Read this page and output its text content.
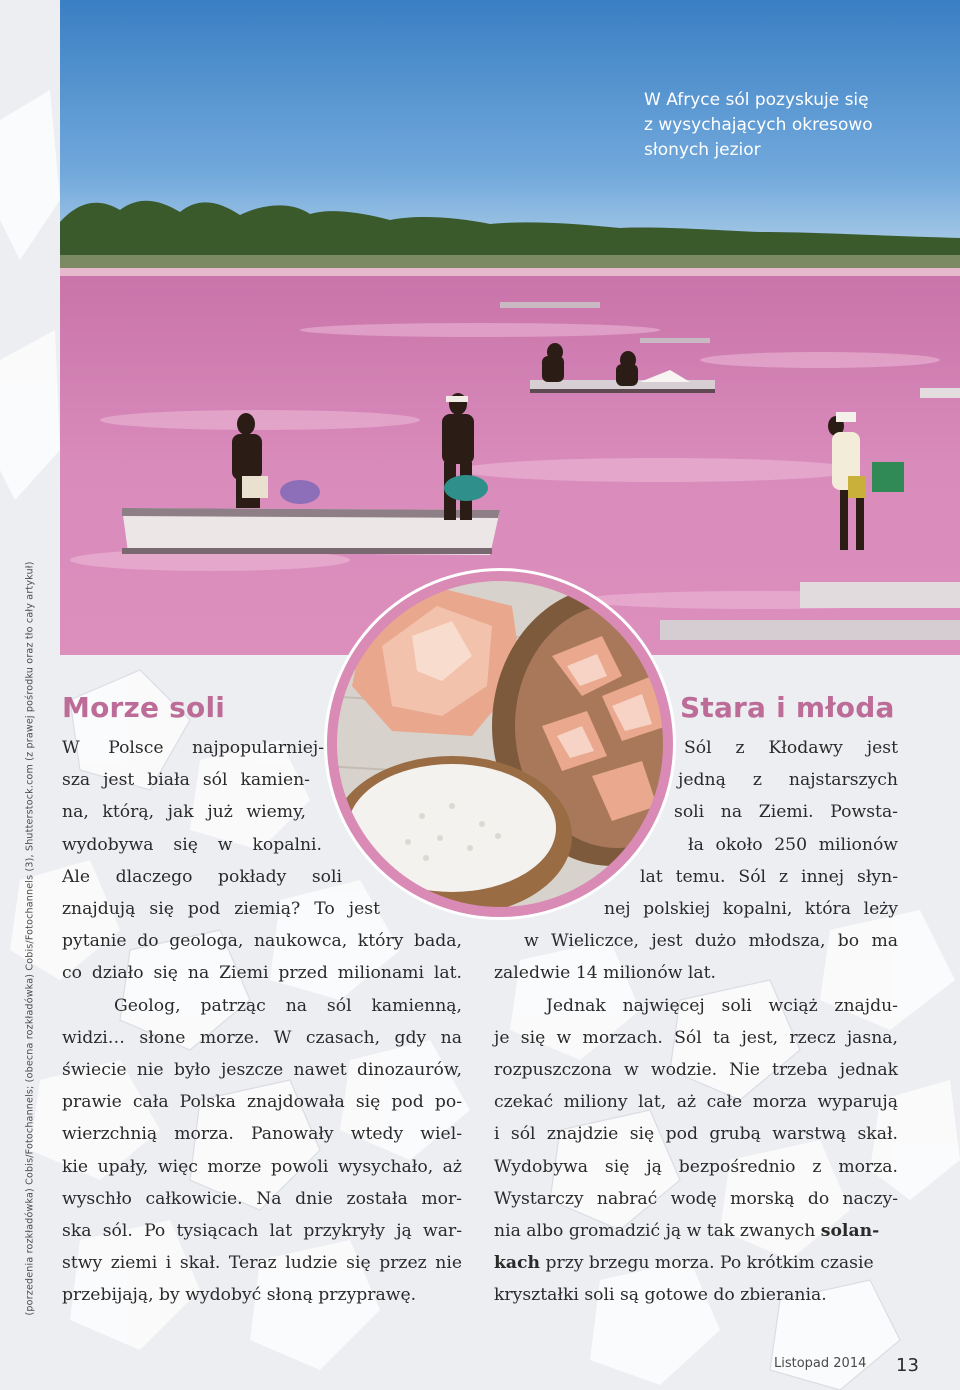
(porzedenia rozkładówka) Cobis/Fotochannels; (obecna rozkładówka) Cobis/Fotochannels (3), Shutterstock.com (z prawej pośrodku oraz tło cały artykuł)
W Afryce sól pozyskuje się
z wysychających okresowo
słonych jezior
Morze soli
W Polsce najpopularniej-
sza jest biała sól kamien-
na, którą, jak już wiemy,
wydobywa się w kopalni.
Ale dlaczego pokłady soli
znajdują się pod ziemią? To jest
pytanie do geologa, naukowca, który bada,
co działo się na Ziemi przed milionami lat.
Geolog, patrząc na sól kamienną,
widzi… słone morze. W czasach, gdy na
świecie nie było jeszcze nawet dinozaurów,
prawie cała Polska znajdowała się pod po-
wierzchnią morza. Panowały wtedy wiel-
kie upały, więc morze powoli wysychało, aż
wyschło całkowicie. Na dnie została mor-
ska sól. Po tysiącach lat przykryły ją war-
stwy ziemi i skał. Teraz ludzie się przez nie
przebijają, by wydobyć słoną przyprawę.
Stara i młoda
Sól z Kłodawy jest
jedną z najstarszych
soli na Ziemi. Powsta-
ła około 250 milionów
lat temu. Sól z innej słyn-
nej polskiej kopalni, która leży
w Wieliczce, jest dużo młodsza, bo ma
zaledwie 14 milionów lat.
Jednak najwięcej soli wciąż znajdu-
je się w morzach. Sól ta jest, rzecz jasna,
rozpuszczona w wodzie. Nie trzeba jednak
czekać miliony lat, aż całe morza wyparują
i sól znajdzie się pod grubą warstwą skał.
Wydobywa się ją bezpośrednio z morza.
Wystarczy nabrać wodę morską do naczy-
nia albo gromadzić ją w tak zwanych solan-
kach przy brzegu morza. Po krótkim czasie
kryształki soli są gotowe do zbierania.
Listopad 2014 13
